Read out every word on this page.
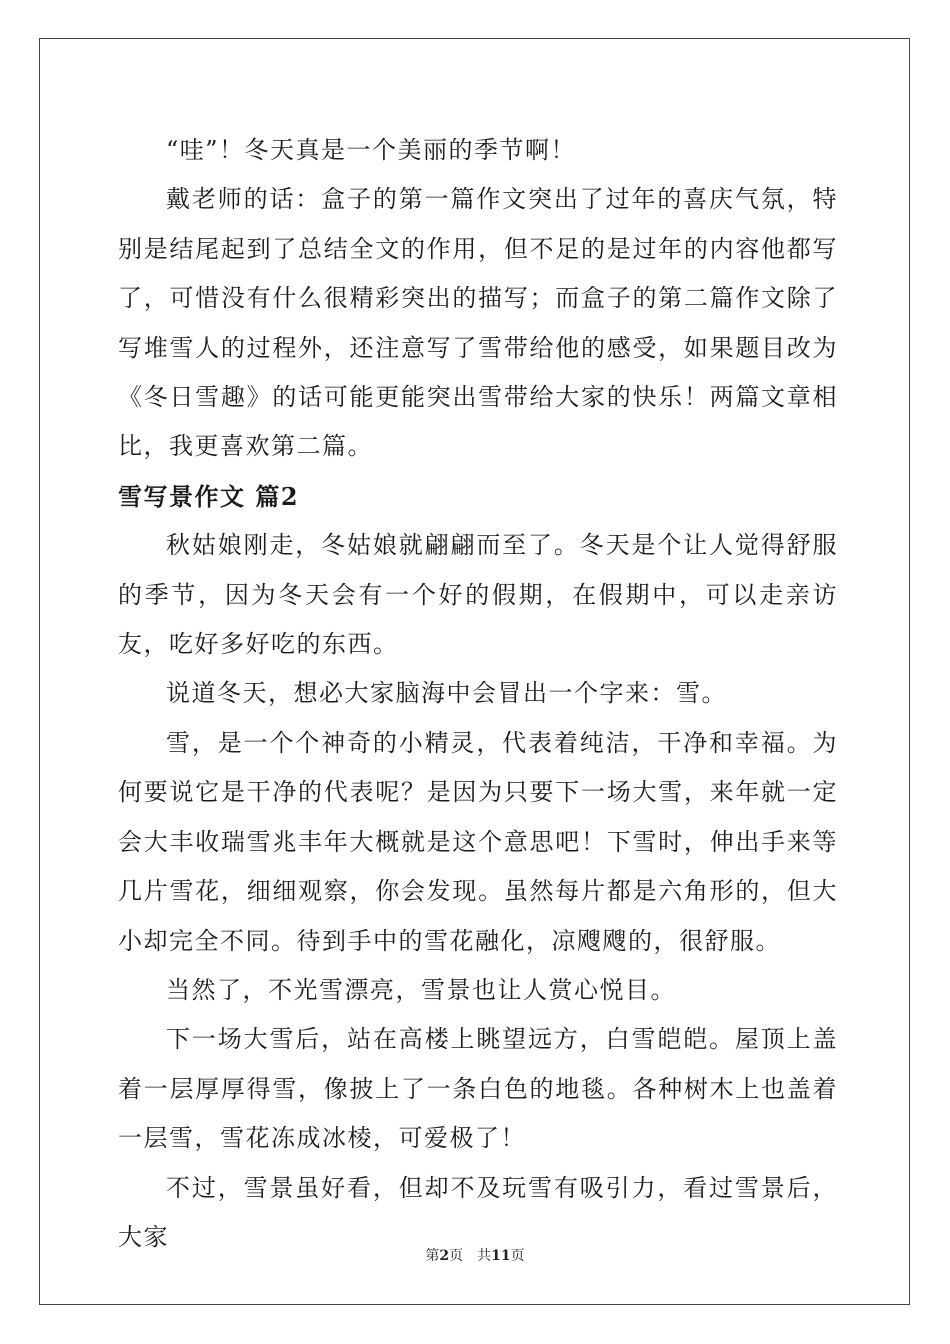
“哇”！冬天真是一个美丽的季节啊！

戴老师的话：盒子的第一篇作文突出了过年的喜庆气氛，特别是结尾起到了总结全文的作用，但不足的是过年的内容他都写了，可惜没有什么很精彩突出的描写；而盒子的第二篇作文除了写堆雪人的过程外，还注意写了雪带给他的感受，如果题目改为《冬日雪趣》的话可能更能突出雪带给大家的快乐！两篇文章相比，我更喜欢第二篇。

雪写景作文 篇2

秋姑娘刚走，冬姑娘就翩翩而至了。冬天是个让人觉得舒服的季节，因为冬天会有一个好的假期，在假期中，可以走亲访友，吃好多好吃的东西。

说道冬天，想必大家脑海中会冒出一个字来：雪。

雪，是一个个神奇的小精灵，代表着纯洁，干净和幸福。为何要说它是干净的代表呢？是因为只要下一场大雪，来年就一定会大丰收瑞雪兆丰年大概就是这个意思吧！下雪时，伸出手来等几片雪花，细细观察，你会发现。虽然每片都是六角形的，但大小却完全不同。待到手中的雪花融化，凉飕飕的，很舒服。

当然了，不光雪漂亮，雪景也让人赏心悦目。

下一场大雪后，站在高楼上眺望远方，白雪皑皑。屋顶上盖着一层厚厚得雪，像披上了一条白色的地毯。各种树木上也盖着一层雪，雪花冻成冰棱，可爱极了！

不过，雪景虽好看，但却不及玩雪有吸引力，看过雪景后，大家

第2页　共11页
